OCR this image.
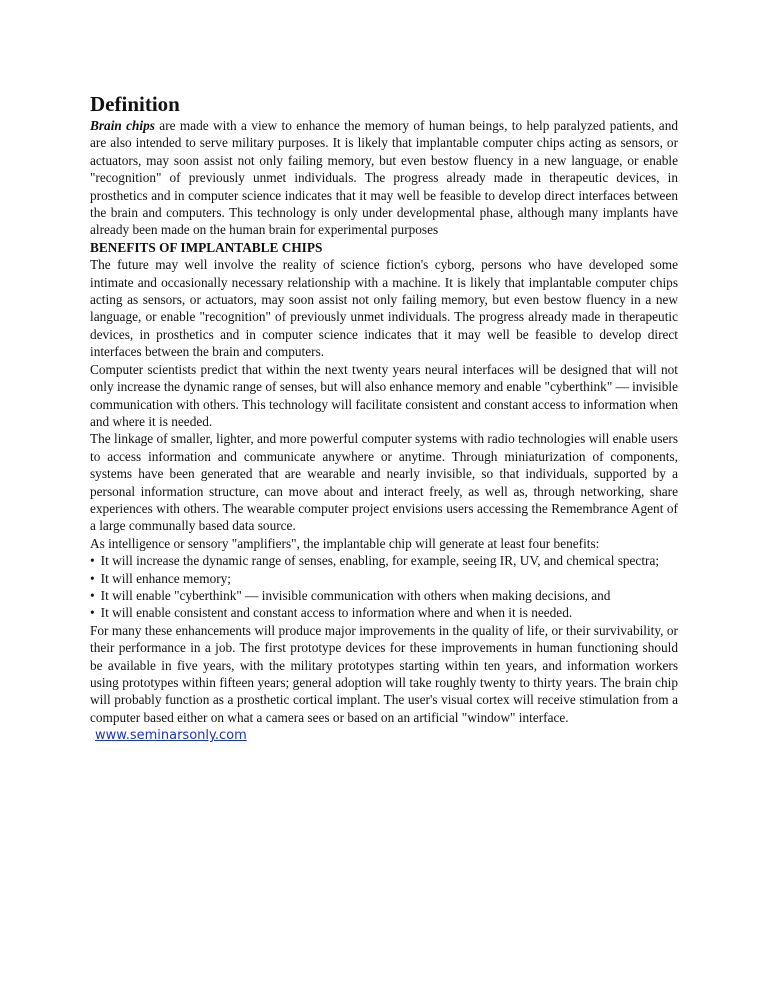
Definition

Brain chips are made with a view to enhance the memory of human beings, to help paralyzed patients, and are also intended to serve military purposes. It is likely that implantable computer chips acting as sensors, or actuators, may soon assist not only failing memory, but even bestow fluency in a new language, or enable "recognition" of previously unmet individuals. The progress already made in therapeutic devices, in prosthetics and in computer science indicates that it may well be feasible to develop direct interfaces between the brain and computers. This technology is only under developmental phase, although many implants have already been made on the human brain for experimental purposes

BENEFITS OF IMPLANTABLE CHIPS

The future may well involve the reality of science fiction's cyborg, persons who have developed some intimate and occasionally necessary relationship with a machine. It is likely that implantable computer chips acting as sensors, or actuators, may soon assist not only failing memory, but even bestow fluency in a new language, or enable "recognition" of previously unmet individuals. The progress already made in therapeutic devices, in prosthetics and in computer science indicates that it may well be feasible to develop direct interfaces between the brain and computers.

Computer scientists predict that within the next twenty years neural interfaces will be designed that will not only increase the dynamic range of senses, but will also enhance memory and enable "cyberthink" — invisible communication with others. This technology will facilitate consistent and constant access to information when and where it is needed.

The linkage of smaller, lighter, and more powerful computer systems with radio technologies will enable users to access information and communicate anywhere or anytime. Through miniaturization of components, systems have been generated that are wearable and nearly invisible, so that individuals, supported by a personal information structure, can move about and interact freely, as well as, through networking, share experiences with others. The wearable computer project envisions users accessing the Remembrance Agent of a large communally based data source.

As intelligence or sensory "amplifiers", the implantable chip will generate at least four benefits:

• It will increase the dynamic range of senses, enabling, for example, seeing IR, UV, and chemical spectra;

• It will enhance memory;

• It will enable "cyberthink" — invisible communication with others when making decisions, and

• It will enable consistent and constant access to information where and when it is needed.

For many these enhancements will produce major improvements in the quality of life, or their survivability, or their performance in a job. The first prototype devices for these improvements in human functioning should be available in five years, with the military prototypes starting within ten years, and information workers using prototypes within fifteen years; general adoption will take roughly twenty to thirty years. The brain chip will probably function as a prosthetic cortical implant. The user's visual cortex will receive stimulation from a computer based either on what a camera sees or based on an artificial "window" interface.

www.seminarsonly.com
